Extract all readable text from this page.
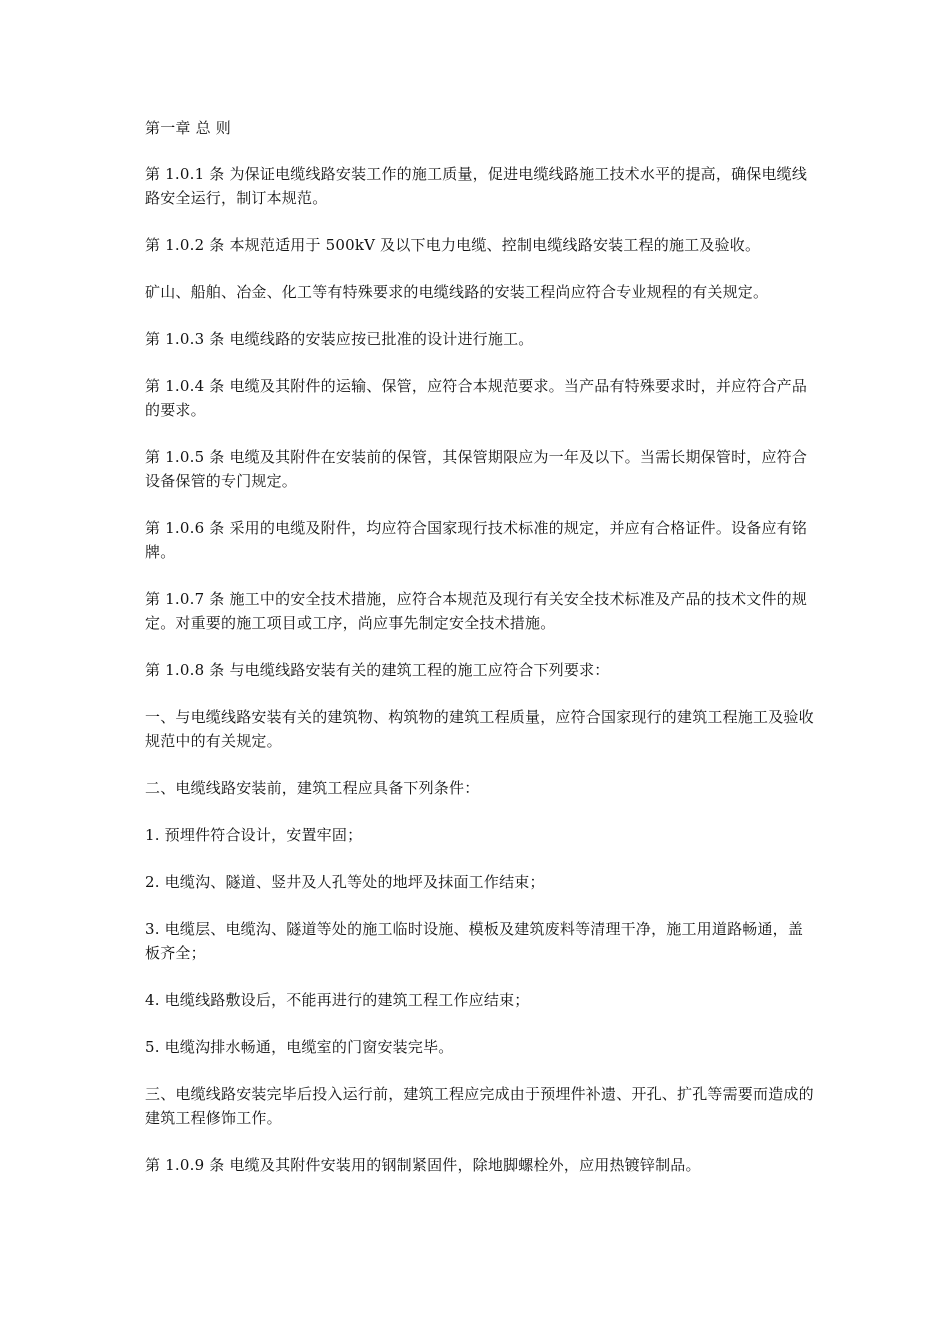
第一章 总 则

第 1.0.1 条 为保证电缆线路安装工作的施工质量，促进电缆线路施工技术水平的提高，确保电缆线路安全运行，制订本规范。

第 1.0.2 条 本规范适用于 500kV 及以下电力电缆、控制电缆线路安装工程的施工及验收。

矿山、船舶、冶金、化工等有特殊要求的电缆线路的安装工程尚应符合专业规程的有关规定。

第 1.0.3 条 电缆线路的安装应按已批准的设计进行施工。

第 1.0.4 条 电缆及其附件的运输、保管，应符合本规范要求。当产品有特殊要求时，并应符合产品的要求。

第 1.0.5 条 电缆及其附件在安装前的保管，其保管期限应为一年及以下。当需长期保管时，应符合设备保管的专门规定。

第 1.0.6 条 采用的电缆及附件，均应符合国家现行技术标准的规定，并应有合格证件。设备应有铭牌。

第 1.0.7 条 施工中的安全技术措施，应符合本规范及现行有关安全技术标准及产品的技术文件的规定。对重要的施工项目或工序，尚应事先制定安全技术措施。

第 1.0.8 条 与电缆线路安装有关的建筑工程的施工应符合下列要求：

一、与电缆线路安装有关的建筑物、构筑物的建筑工程质量，应符合国家现行的建筑工程施工及验收规范中的有关规定。

二、电缆线路安装前，建筑工程应具备下列条件：

1. 预埋件符合设计，安置牢固；

2. 电缆沟、隧道、竖井及人孔等处的地坪及抹面工作结束；

3. 电缆层、电缆沟、隧道等处的施工临时设施、模板及建筑废料等清理干净，施工用道路畅通，盖板齐全；

4. 电缆线路敷设后，不能再进行的建筑工程工作应结束；

5. 电缆沟排水畅通，电缆室的门窗安装完毕。

三、电缆线路安装完毕后投入运行前，建筑工程应完成由于预埋件补遗、开孔、扩孔等需要而造成的建筑工程修饰工作。

第 1.0.9 条 电缆及其附件安装用的钢制紧固件，除地脚螺栓外，应用热镀锌制品。
